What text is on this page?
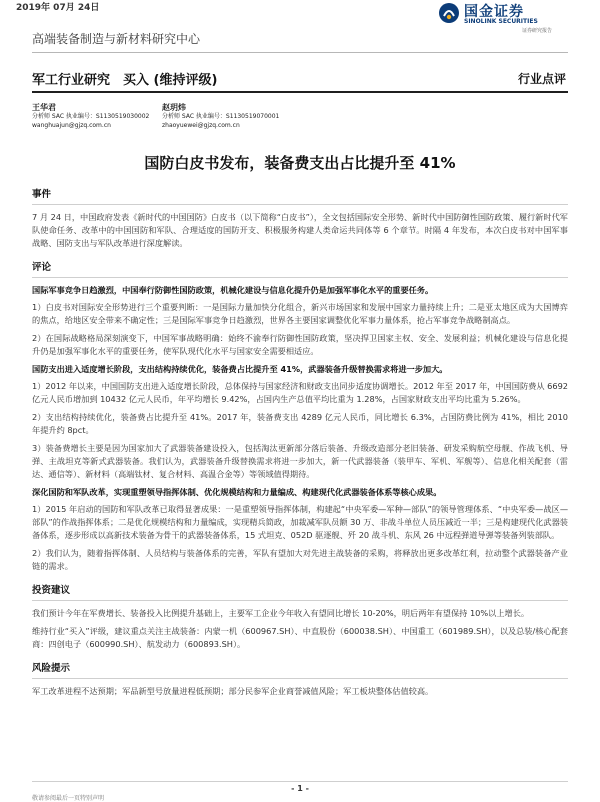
2019年 07月 24日	国金证券
SINOLINK SECURITIES
证券研究报告
高端装备制造与新材料研究中心
军工行业研究　买入 (维持评级)	行业点评
王华君
分析师 SAC 执业编号：S1130519030002
wanghuajun@gjzq.com.cn
赵玥炜
分析师 SAC 执业编号：S1130519070001
zhaoyuewei@gjzq.com.cn
国防白皮书发布，装备费支出占比提升至 41%
事件

7 月 24 日，中国政府发表《新时代的中国国防》白皮书（以下简称“白皮书”），全文包括国际安全形势、新时代中国防御性国防政策、履行新时代军队使命任务、改革中的中国国防和军队、合理适度的国防开支、积极服务构建人类命运共同体等 6 个章节。时隔 4 年发布，本次白皮书对中国军事战略、国防支出与军队改革进行深度解读。

评论

国际军事竞争日趋激烈，中国奉行防御性国防政策，机械化建设与信息化提升仍是加强军事化水平的重要任务。

1）白皮书对国际安全形势进行三个重要判断：一是国际力量加快分化组合，新兴市场国家和发展中国家力量持续上升；二是亚太地区成为大国博弈的焦点，给地区安全带来不确定性；三是国际军事竞争日趋激烈，世界各主要国家调整优化军事力量体系，抢占军事竞争战略制高点。

2）在国际战略格局深刻演变下，中国军事战略明确：始终不渝奉行防御性国防政策，坚决捍卫国家主权、安全、发展利益；机械化建设与信息化提升仍是加强军事化水平的重要任务，使军队现代化水平与国家安全需要相适应。

国防支出进入适度增长阶段，支出结构持续优化，装备费占比提升至 41%，武器装备升级替换需求将进一步加大。

1）2012 年以来，中国国防支出进入适度增长阶段，总体保持与国家经济和财政支出同步适度协调增长。2012 年至 2017 年，中国国防费从 6692 亿元人民币增加到 10432 亿元人民币，年平均增长 9.42%，占国内生产总值平均比重为 1.28%，占国家财政支出平均比重为 5.26%。

2）支出结构持续优化，装备费占比提升至 41%。2017 年，装备费支出 4289 亿元人民币，同比增长 6.3%，占国防费比例为 41%，相比 2010 年提升约 8pct。

3）装备费增长主要是因为国家加大了武器装备建设投入，包括淘汰更新部分落后装备、升级改造部分老旧装备、研发采购航空母舰、作战飞机、导弹、主战坦克等新式武器装备。我们认为，武器装备升级替换需求将进一步加大，新一代武器装备（装甲车、军机、军舰等）、信息化相关配套（雷达、通信等）、新材料（高端钛材、复合材料、高温合金等）等领域值得期待。

深化国防和军队改革，实现重塑领导指挥体制、优化规模结构和力量编成、构建现代化武器装备体系等核心成果。

1）2015 年启动的国防和军队改革已取得显著成果：一是重塑领导指挥体制，构建起“中央军委—军种—部队”的领导管理体系、“中央军委—战区—部队”的作战指挥体系；二是优化规模结构和力量编成，实现精兵简政，加裁减军队员额 30 万、非战斗单位人员压减近一半；三是构建现代化武器装备体系，逐步形成以高新技术装备为骨干的武器装备体系，15 式坦克、052D 驱逐舰、歼 20 战斗机、东风 26 中远程弹道导弹等装备列装部队。

2）我们认为，随着指挥体制、人员结构与装备体系的完善，军队有望加大对先进主战装备的采购，将释放出更多改革红利，拉动整个武器装备产业链的需求。

投资建议

我们预计今年在军费增长、装备投入比例提升基础上，主要军工企业今年收入有望同比增长 10-20%，明后两年有望保持 10%以上增长。

维持行业“买入”评级，建议重点关注主战装备：内蒙一机（600967.SH）、中直股份（600038.SH）、中国重工（601989.SH），以及总装/核心配套商：四创电子（600990.SH）、航发动力（600893.SH）。

风险提示

军工改革进程不达预期；军品新型号放量进程低预期；部分民参军企业商誉减值风险；军工板块整体估值较高。

- 1 -
敬请参阅最后一页特别声明
